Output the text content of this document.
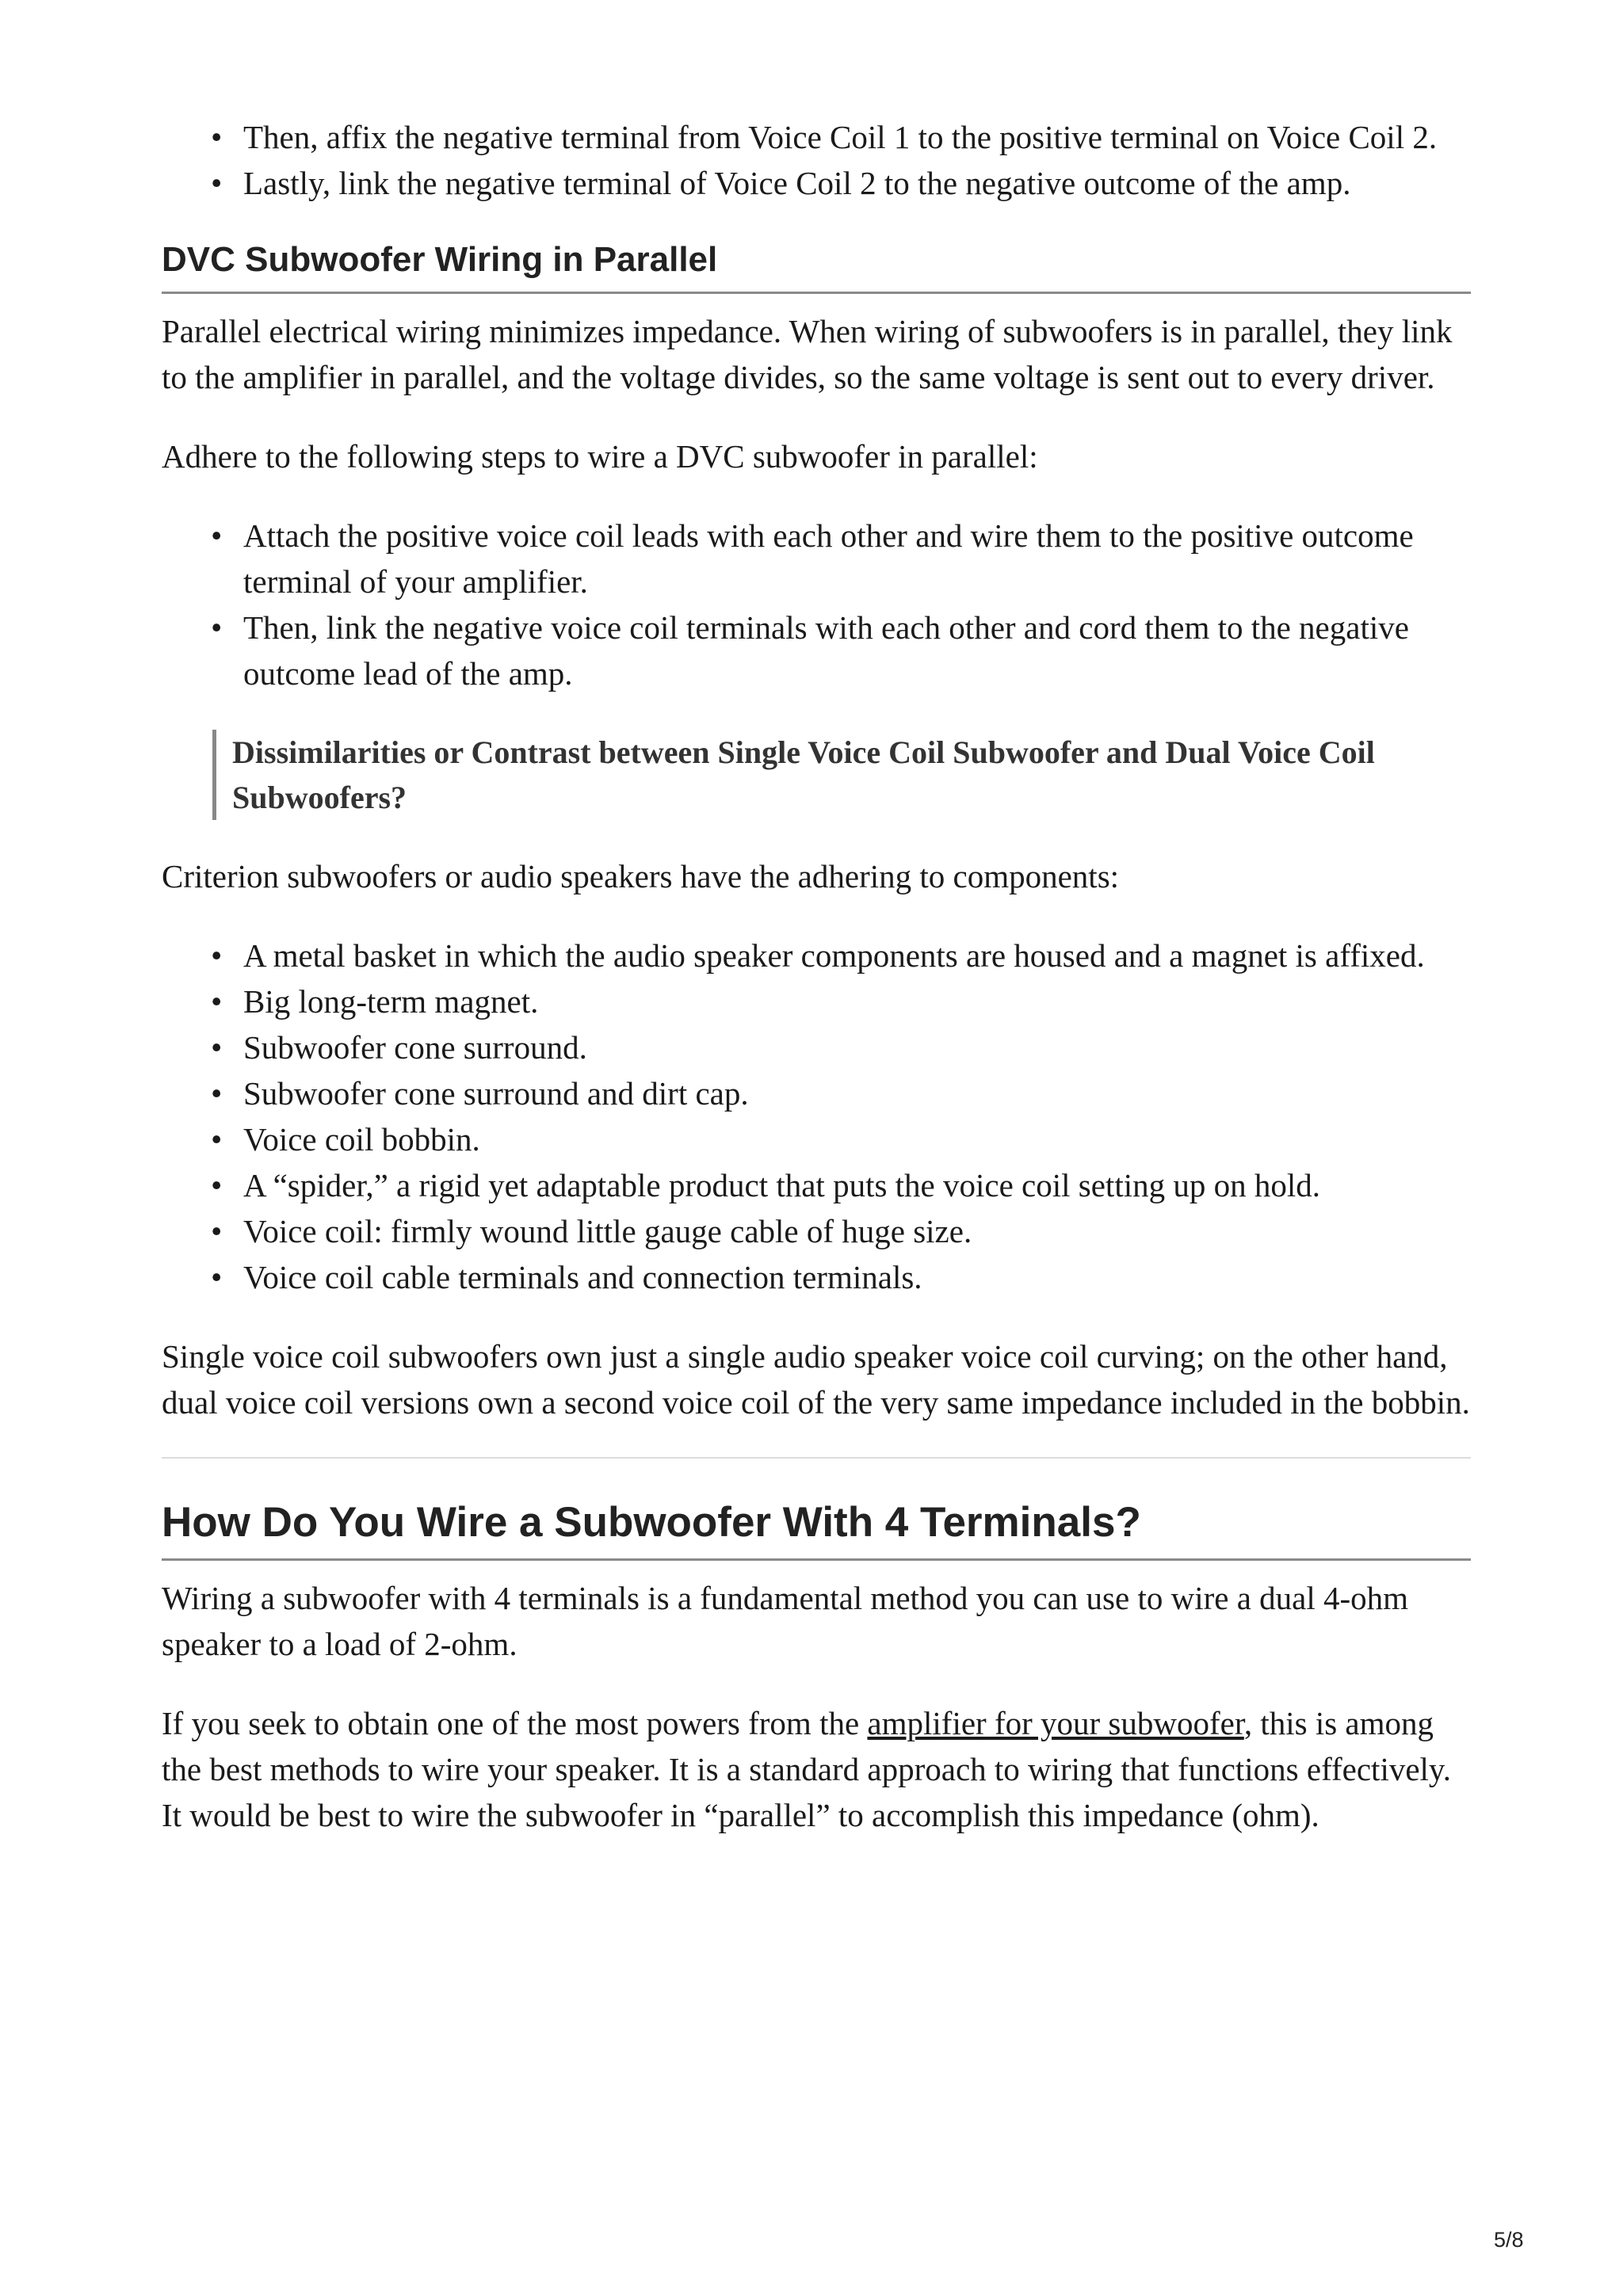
• Then, affix the negative terminal from Voice Coil 1 to the positive terminal on Voice Coil 2.
• Lastly, link the negative terminal of Voice Coil 2 to the negative outcome of the amp.
DVC Subwoofer Wiring in Parallel

Parallel electrical wiring minimizes impedance. When wiring of subwoofers is in parallel, they link to the amplifier in parallel, and the voltage divides, so the same voltage is sent out to every driver.

Adhere to the following steps to wire a DVC subwoofer in parallel:

• Attach the positive voice coil leads with each other and wire them to the positive outcome terminal of your amplifier.
• Then, link the negative voice coil terminals with each other and cord them to the negative outcome lead of the amp.

Dissimilarities or Contrast between Single Voice Coil Subwoofer and Dual Voice Coil Subwoofers?

Criterion subwoofers or audio speakers have the adhering to components:

• A metal basket in which the audio speaker components are housed and a magnet is affixed.
• Big long-term magnet.
• Subwoofer cone surround.
• Subwoofer cone surround and dirt cap.
• Voice coil bobbin.
• A “spider,” a rigid yet adaptable product that puts the voice coil setting up on hold.
• Voice coil: firmly wound little gauge cable of huge size.
• Voice coil cable terminals and connection terminals.

Single voice coil subwoofers own just a single audio speaker voice coil curving; on the other hand, dual voice coil versions own a second voice coil of the very same impedance included in the bobbin.

How Do You Wire a Subwoofer With 4 Terminals?

Wiring a subwoofer with 4 terminals is a fundamental method you can use to wire a dual 4-ohm speaker to a load of 2-ohm.

If you seek to obtain one of the most powers from the amplifier for your subwoofer, this is among the best methods to wire your speaker. It is a standard approach to wiring that functions effectively. It would be best to wire the subwoofer in “parallel” to accomplish this impedance (ohm).

5/8
